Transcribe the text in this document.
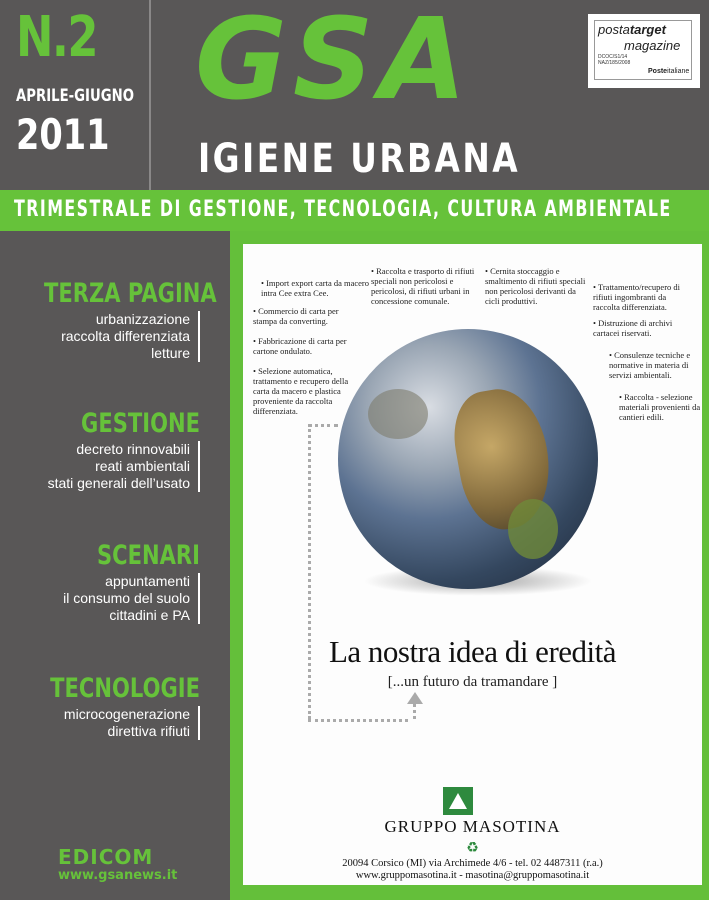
N.2
APRILE-GIUGNO
2011
GSA
IGIENE URBANA
postatarget
magazine
DCOC/S1/14 NAZ/185/2008
Posteitaliane
TRIMESTRALE DI GESTIONE, TECNOLOGIA, CULTURA AMBIENTALE
TERZA PAGINA
urbanizzazione
raccolta differenziata
letture
GESTIONE
decreto rinnovabili
reati ambientali
stati generali dell’usato
SCENARI
appuntamenti
il consumo del suolo
cittadini e PA
TECNOLOGIE
microcogenerazione
direttiva rifiuti
EDICOM
www.gsanews.it
• Import export carta da macero intra Cee extra Cee.
• Commercio di carta per stampa da converting.
• Fabbricazione di carta per cartone ondulato.
• Selezione automatica, trattamento e recupero della carta da macero e plastica proveniente da raccolta differenziata.
• Raccolta e trasporto di rifiuti speciali non pericolosi e pericolosi, di rifiuti urbani in concessione comunale.
• Cernita stoccaggio e smaltimento di rifiuti speciali non pericolosi derivanti da cicli produttivi.
• Trattamento/recupero di rifiuti ingombranti da raccolta differenziata.
• Distruzione di archivi cartacei riservati.
• Consulenze tecniche e normative in materia di servizi ambientali.
• Raccolta - selezione materiali provenienti da cantieri edili.
La nostra idea di eredità
[...un futuro da tramandare ]
GRUPPO MASOTINA
♻
20094 Corsico (MI) via Archimede 4/6 - tel. 02 4487311 (r.a.)
www.gruppomasotina.it - masotina@gruppomasotina.it
